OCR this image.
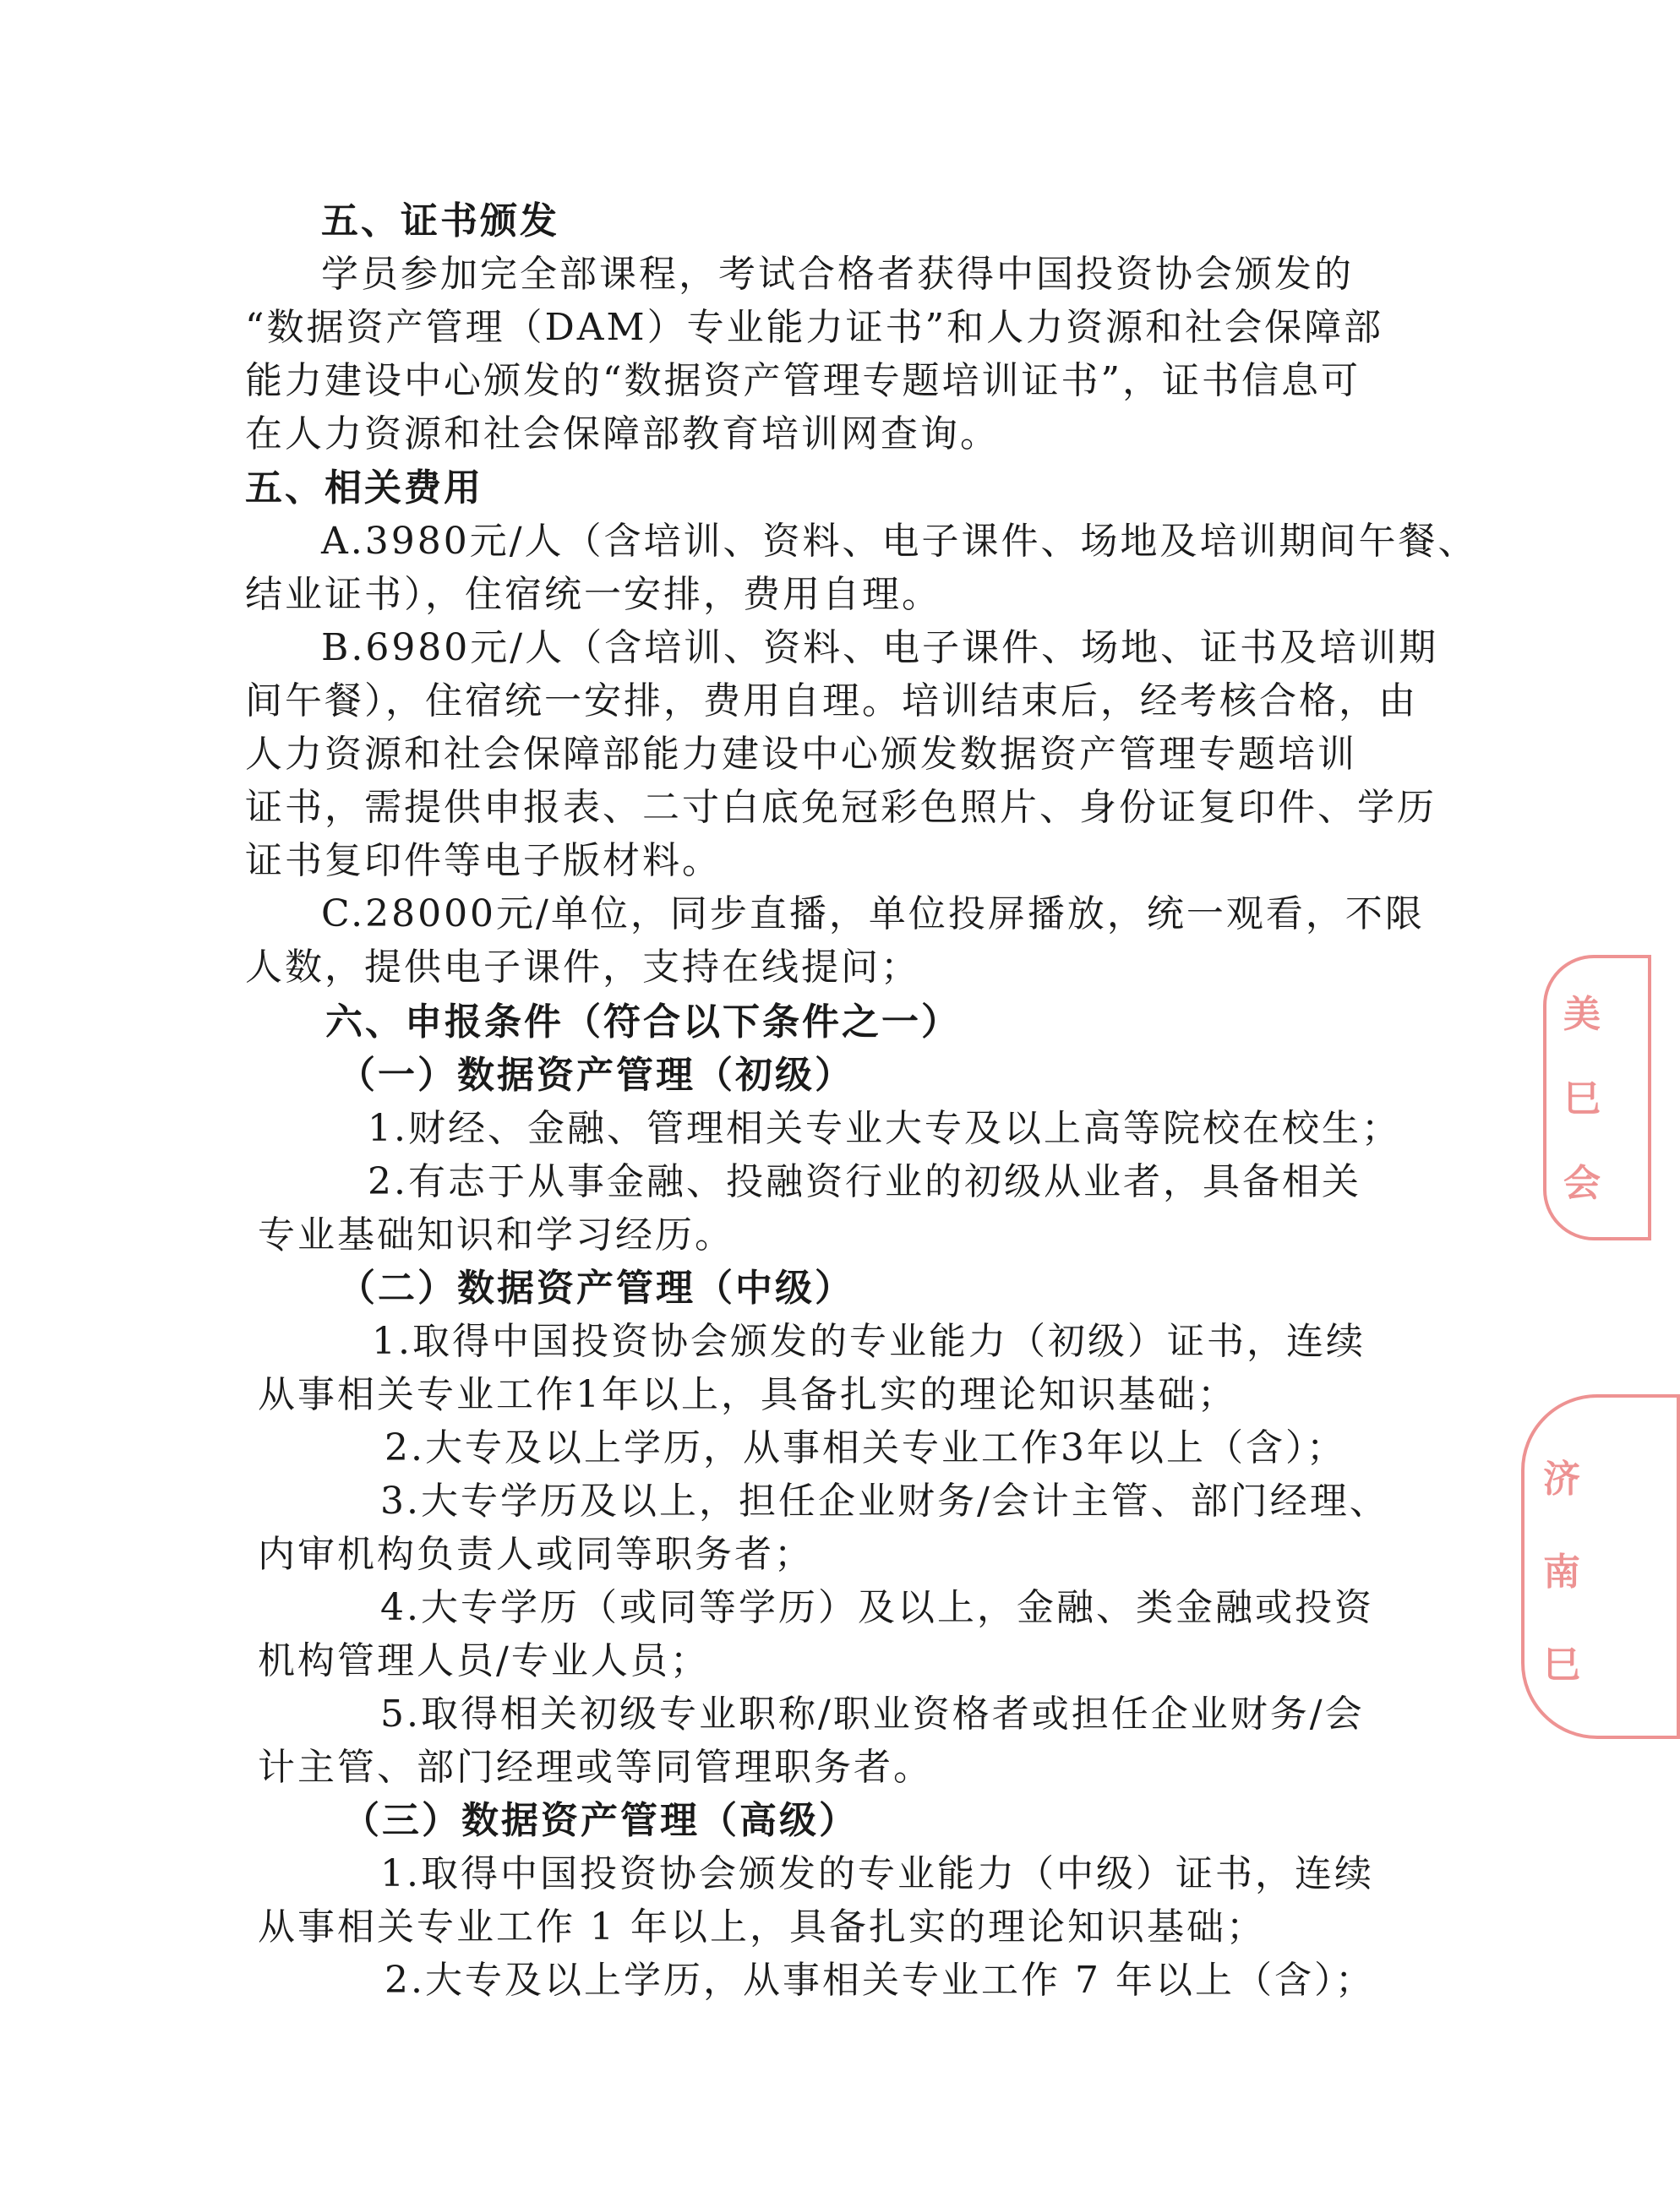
五、证书颁发
学员参加完全部课程，考试合格者获得中国投资协会颁发的
“数据资产管理（DAM）专业能力证书”和人力资源和社会保障部
能力建设中心颁发的“数据资产管理专题培训证书”，证书信息可
在人力资源和社会保障部教育培训网查询。
五、相关费用
A.3980元/人（含培训、资料、电子课件、场地及培训期间午餐、
结业证书），住宿统一安排，费用自理。
B.6980元/人（含培训、资料、电子课件、场地、证书及培训期
间午餐），住宿统一安排，费用自理。培训结束后，经考核合格，由
人力资源和社会保障部能力建设中心颁发数据资产管理专题培训
证书，需提供申报表、二寸白底免冠彩色照片、身份证复印件、学历
证书复印件等电子版材料。
C.28000元/单位，同步直播，单位投屏播放，统一观看，不限
人数，提供电子课件，支持在线提问；
六、申报条件（符合以下条件之一）
（一）数据资产管理（初级）
1.财经、金融、管理相关专业大专及以上高等院校在校生；
2.有志于从事金融、投融资行业的初级从业者，具备相关
专业基础知识和学习经历。
（二）数据资产管理（中级）
1.取得中国投资协会颁发的专业能力（初级）证书，连续
从事相关专业工作1年以上，具备扎实的理论知识基础；
2.大专及以上学历，从事相关专业工作3年以上（含）；
3.大专学历及以上，担任企业财务/会计主管、部门经理、
内审机构负责人或同等职务者；
4.大专学历（或同等学历）及以上，金融、类金融或投资
机构管理人员/专业人员；
5.取得相关初级专业职称/职业资格者或担任企业财务/会
计主管、部门经理或等同管理职务者。
（三）数据资产管理（高级）
1.取得中国投资协会颁发的专业能力（中级）证书，连续
从事相关专业工作 1 年以上，具备扎实的理论知识基础；
2.大专及以上学历，从事相关专业工作 7 年以上（含）；
美
巳
会
济
南
巳
